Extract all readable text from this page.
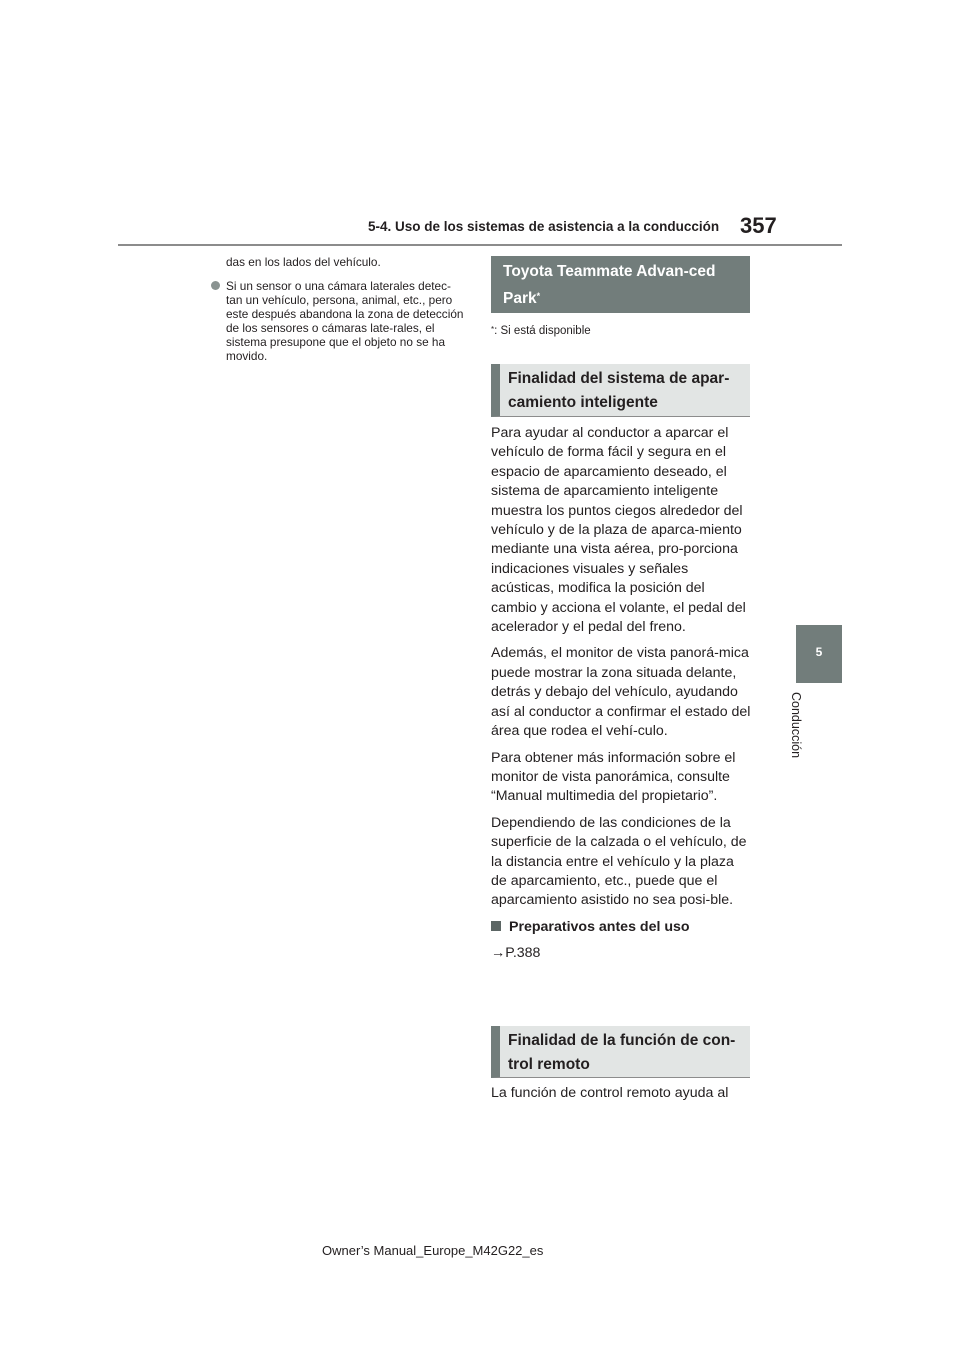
5-4. Uso de los sistemas de asistencia a la conducción 357
5
Conducción

das en los lados del vehículo.

Si un sensor o una cámara laterales detec-tan un vehículo, persona, animal, etc., pero este después abandona la zona de detección de los sensores o cámaras late-rales, el sistema presupone que el objeto no se ha movido.
Toyota Teammate Advan-ced Park*
*: Si está disponible
Finalidad del sistema de apar-camiento inteligente

Para ayudar al conductor a aparcar el vehículo de forma fácil y segura en el espacio de aparcamiento deseado, el sistema de aparcamiento inteligente muestra los puntos ciegos alrededor del vehículo y de la plaza de aparca-miento mediante una vista aérea, pro-porciona indicaciones visuales y señales acústicas, modifica la posición del cambio y acciona el volante, el pedal del acelerador y el pedal del freno.

Además, el monitor de vista panorá-mica puede mostrar la zona situada delante, detrás y debajo del vehículo, ayudando así al conductor a confirmar el estado del área que rodea el vehí-culo.

Para obtener más información sobre el monitor de vista panorámica, consulte “Manual multimedia del propietario”.

Dependiendo de las condiciones de la superficie de la calzada o el vehículo, de la distancia entre el vehículo y la plaza de aparcamiento, etc., puede que el aparcamiento asistido no sea posi-ble.

Preparativos antes del uso

→P.388

Finalidad de la función de con-trol remoto

La función de control remoto ayuda al

Owner’s Manual_Europe_M42G22_es
